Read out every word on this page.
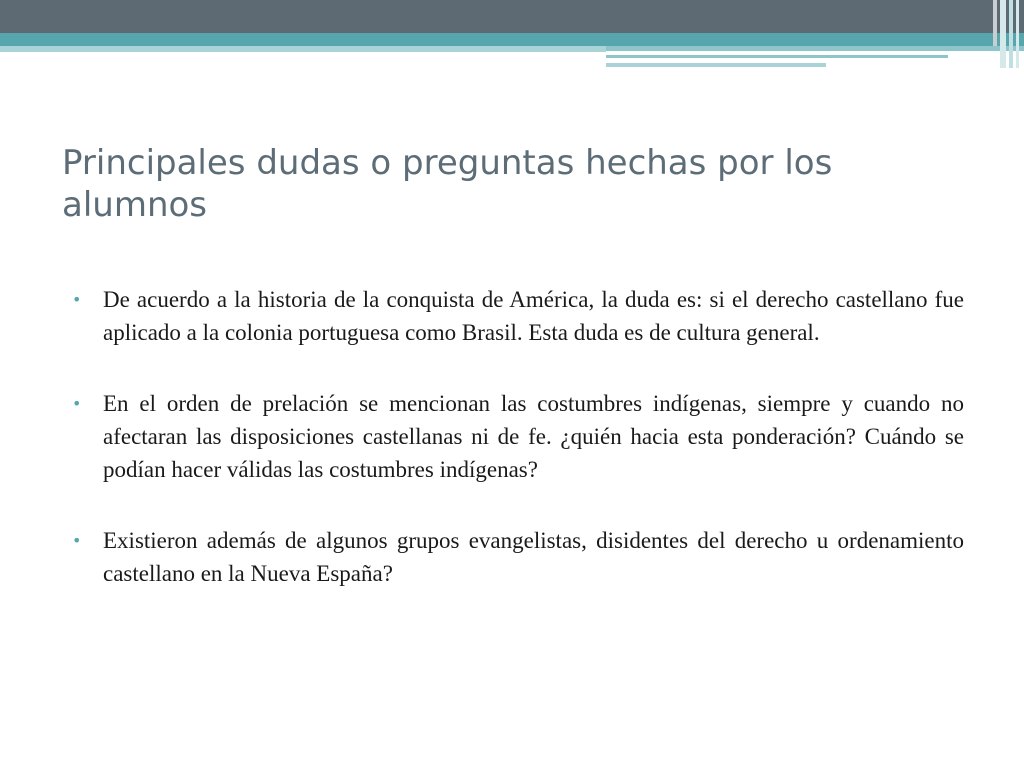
Principales dudas o preguntas hechas por los alumnos
• De acuerdo a la historia de la conquista de América, la duda es: si el derecho castellano fue aplicado a la colonia portuguesa como Brasil. Esta duda es de cultura general.
• En el orden de prelación se mencionan las costumbres indígenas, siempre y cuando no afectaran las disposiciones castellanas ni de fe. ¿quién hacia esta ponderación? Cuándo se podían hacer válidas las costumbres indígenas?
• Existieron además de algunos grupos evangelistas, disidentes del derecho u ordenamiento castellano en la Nueva España?
